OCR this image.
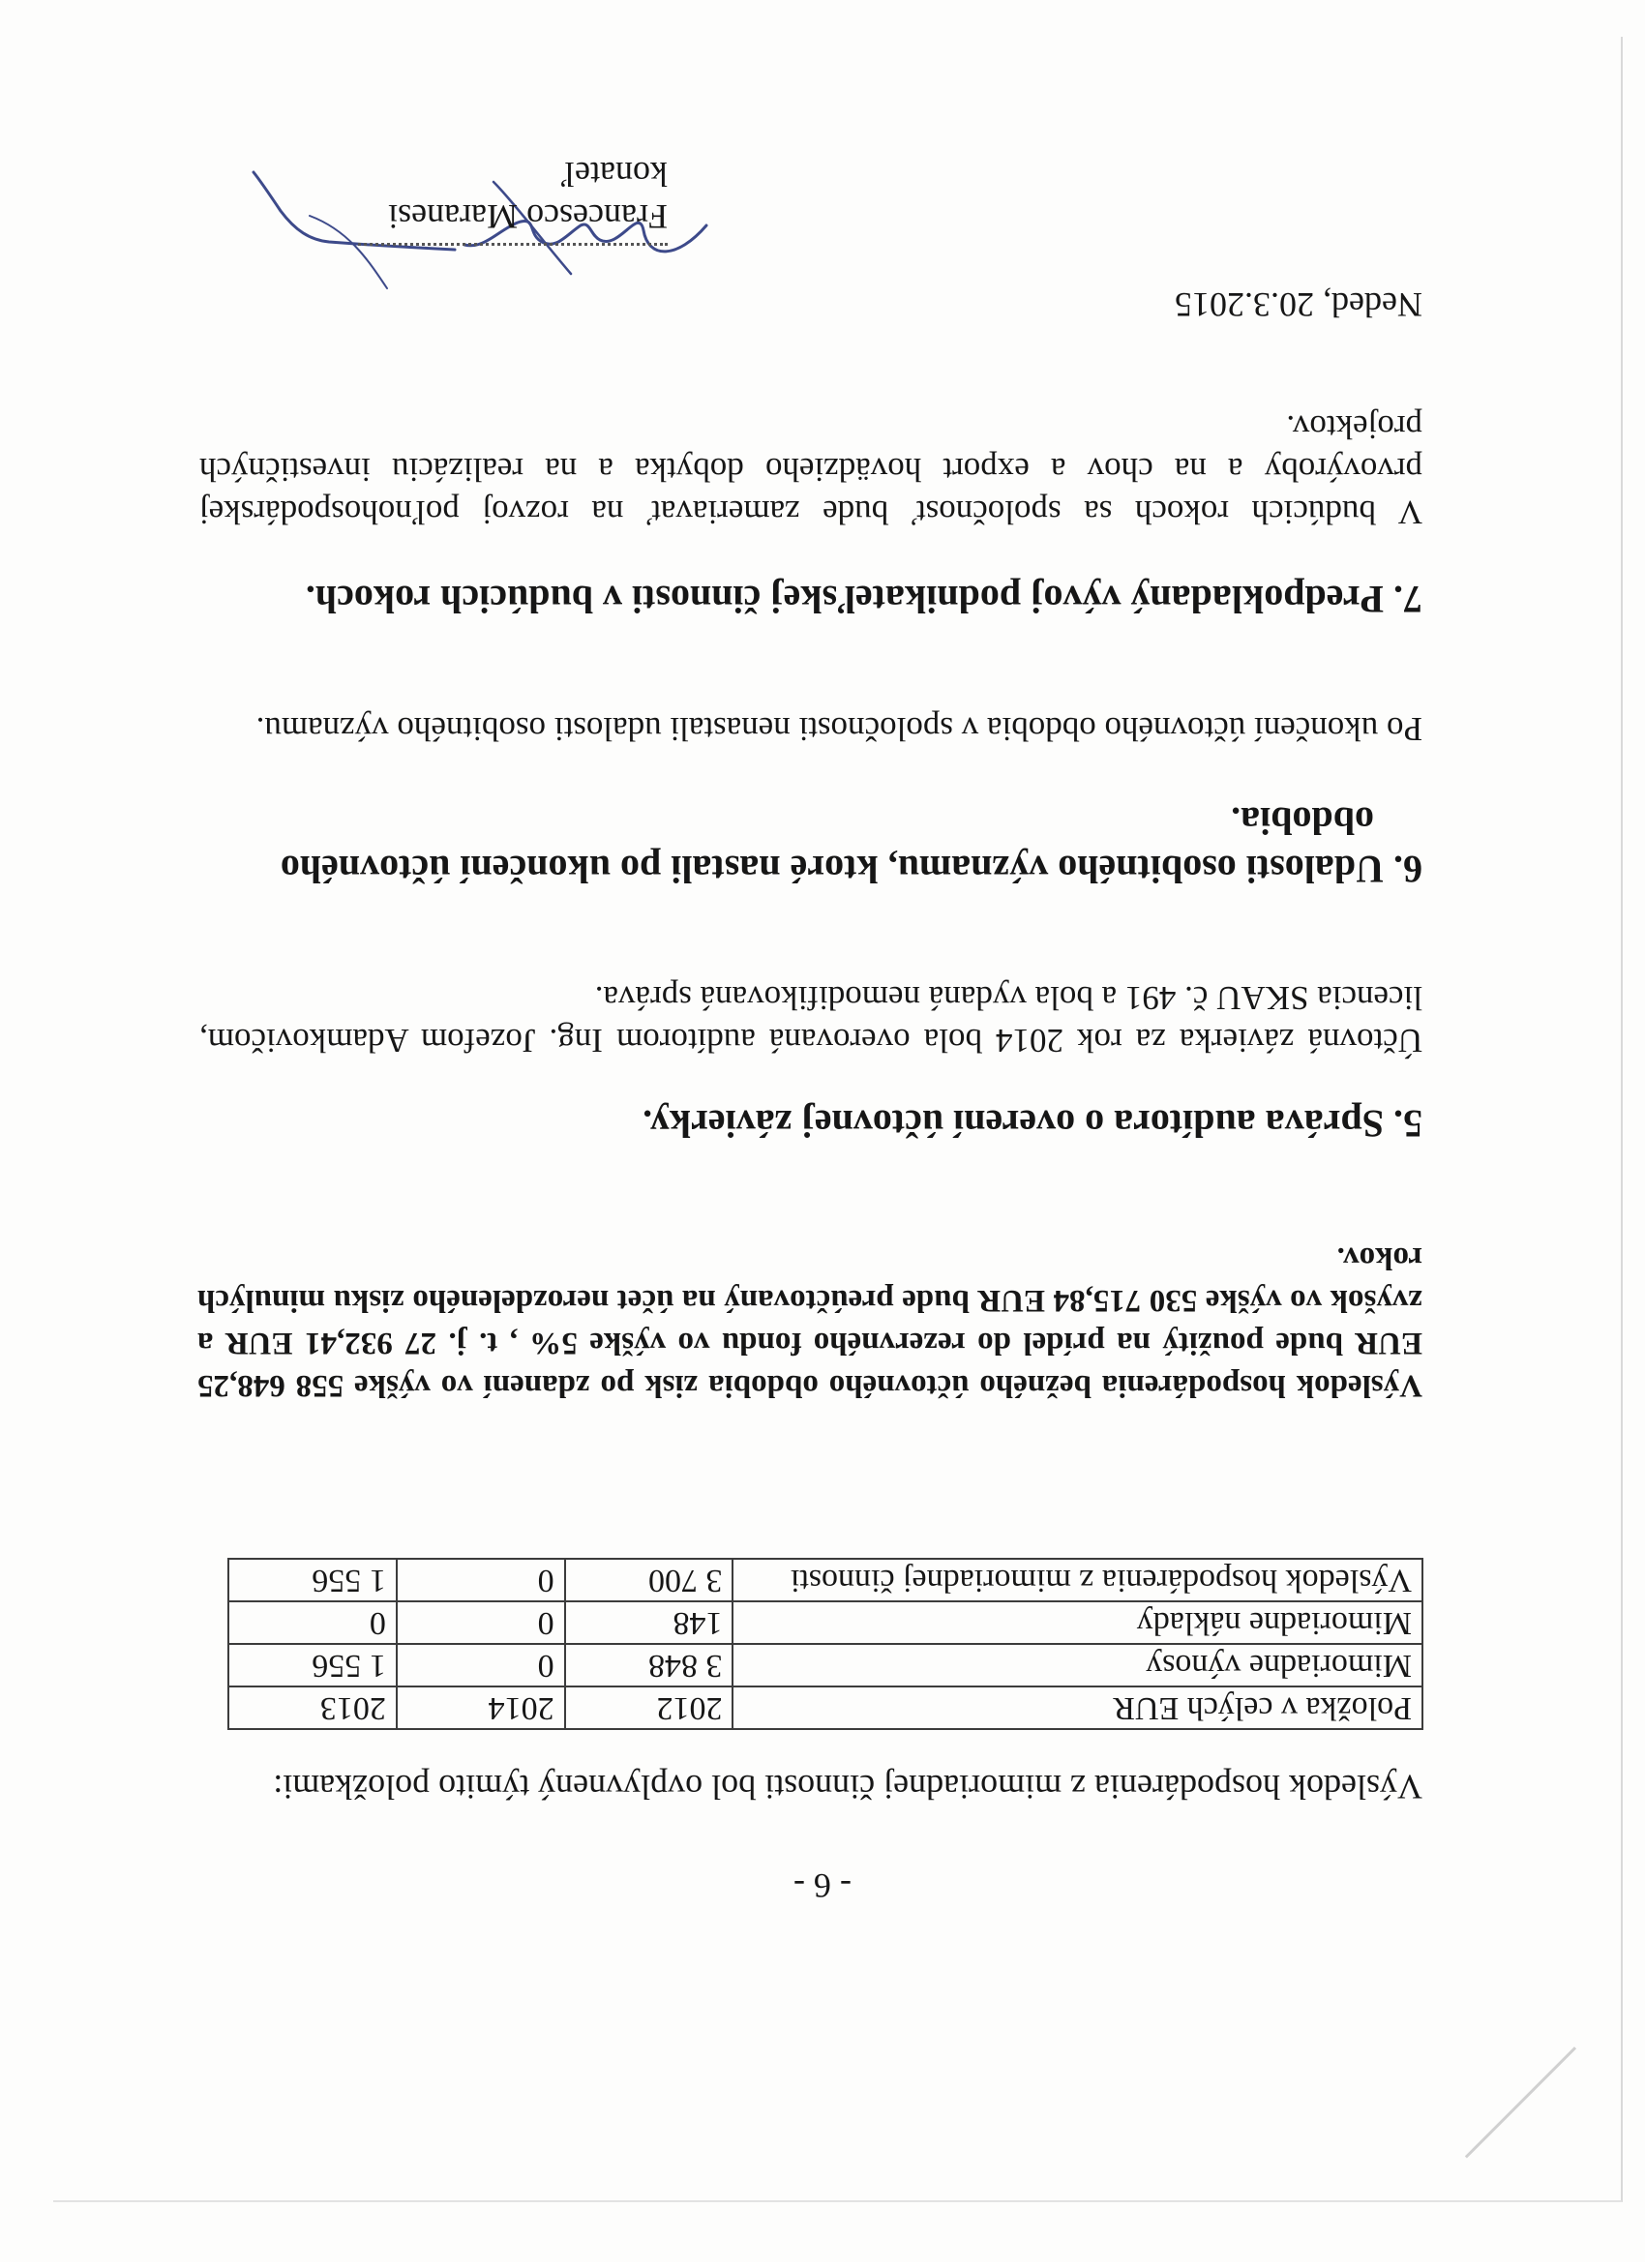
- 6 -
Výsledok hospodárenia z mimoriadnej činnosti bol ovplyvnený týmito položkami:
Položka v celých EUR	2012	2014	2013
Mimoriadne výnosy	3 848	0	1 556
Mimoriadne náklady	148	0	0
Výsledok hospodárenia z mimoriadnej činnosti	3 700	0	1 556
Výsledok hospodárenia bežného účtovného obdobia zisk po zdanení vo výške 558 648,25 EUR bude použitý na prídel do rezervného fondu vo výške 5% , t. j. 27 932,41 EUR a zvyšok vo výške 530 715,84 EUR bude preúčtovaný na účet nerozdeleného zisku minulých rokov.
5. Správa audítora o overení účtovnej závierky.
Účtovná závierka za rok 2014 bola overovaná audítorom Ing. Jozefom Adamkovičom, licencia SKAU č. 491 a bola vydaná nemodifikovaná správa.
6. Udalosti osobitného významu, ktoré nastali po ukončení účtovného
obdobia.
Po ukončení účtovného obdobia v spoločnosti nenastali udalosti osobitného významu.
7. Predpokladaný vývoj podnikateľskej činnosti v budúcich rokoch.
V budúcich rokoch sa spoločnosť bude zameriavať na rozvoj poľnohospodárskej prvovýroby a na chov a export hovädzieho dobytka a na realizáciu investičných projektov.
Neded, 20.3.2015
Francesco Maranesi
konateľ
